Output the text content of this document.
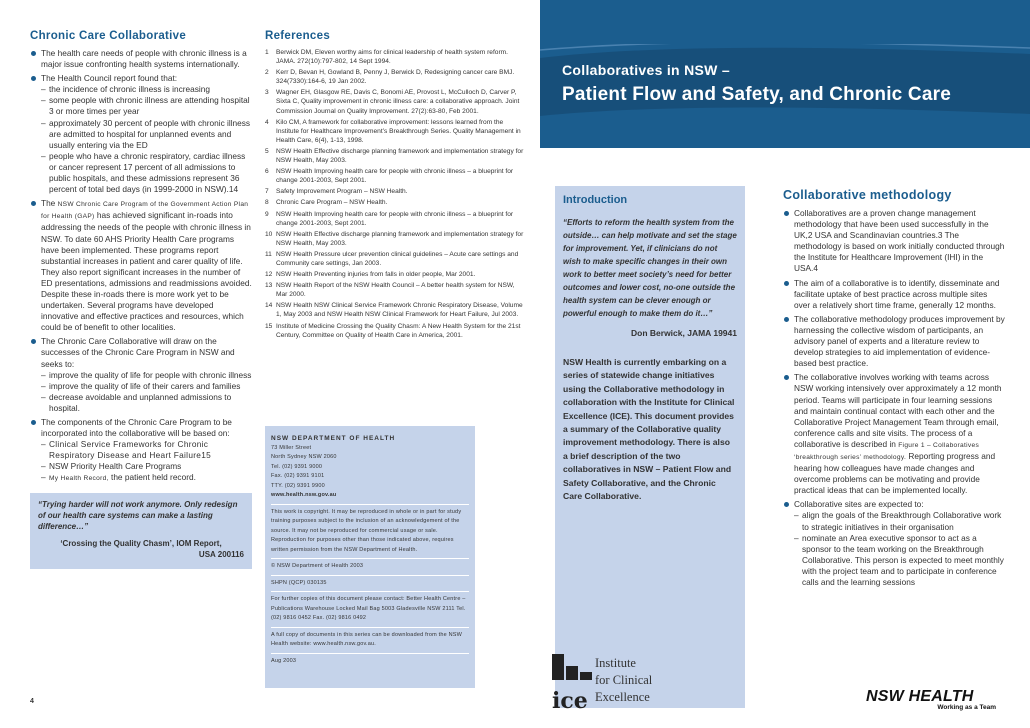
Chronic Care Collaborative
The health care needs of people with chronic illness is a major issue confronting health systems internationally.
The Health Council report found that:
– the incidence of chronic illness is increasing
– some people with chronic illness are attending hospital 3 or more times per year
– approximately 30 percent of people with chronic illness are admitted to hospital for unplanned events and usually entering via the ED
– people who have a chronic respiratory, cardiac illness or cancer represent 17 percent of all admissions to public hospitals, and these admissions represent 36 percent of total bed days (in 1999-2000 in NSW).14
The NSW Chronic Care Program of the Government Action Plan for Health (GAP) has achieved significant in-roads into addressing the needs of the people with chronic illness in NSW. To date 60 AHS Priority Health Care programs have been implemented. These programs report substantial increases in patient and carer quality of life. They also report significant increases in the number of ED presentations, admissions and readmissions avoided. Despite these in-roads there is more work yet to be undertaken. Several programs have developed innovative and effective practices and resources, which could be of benefit to other localities.
The Chronic Care Collaborative will draw on the successes of the Chronic Care Program in NSW and seeks to:
– improve the quality of life for people with chronic illness
– improve the quality of life of their carers and families
– decrease avoidable and unplanned admissions to hospital.
The components of the Chronic Care Program to be incorporated into the collaborative will be based on:
– Clinical Service Frameworks for Chronic Respiratory Disease and Heart Failure15
– NSW Priority Health Care Programs
– My Health Record, the patient held record.
“Trying harder will not work anymore. Only redesign of our health care systems can make a lasting difference…”
‘Crossing the Quality Chasm’, IOM Report,
USA 200116
References
1 Berwick DM, Eleven worthy aims for clinical leadership of health system reform. JAMA. 272(10):797-802, 14 Sept 1994.
2 Kerr D, Bevan H, Gowland B, Penny J, Berwick D, Redesigning cancer care BMJ. 324(7330):164-6, 19 Jan 2002.
3 Wagner EH, Glasgow RE, Davis C, Bonomi AE, Provost L, McCulloch D, Carver P, Sixta C, Quality improvement in chronic illness care: a collaborative approach. Joint Commission Journal on Quality Improvement. 27(2):63-80, Feb 2001.
4 Kilo CM, A framework for collaborative improvement: lessons learned from the Institute for Healthcare Improvement’s Breakthrough Series. Quality Management in Health Care, 6(4), 1-13, 1998.
5 NSW Health Effective discharge planning framework and implementation strategy for NSW Health, May 2003.
6 NSW Health Improving health care for people with chronic illness – a blueprint for change 2001-2003, Sept 2001.
7 Safety Improvement Program – NSW Health.
8 Chronic Care Program – NSW Health.
9 NSW Health Improving health care for people with chronic illness – a blueprint for change 2001-2003, Sept 2001.
10 NSW Health Effective discharge planning framework and implementation strategy for NSW Health, May 2003.
11 NSW Health Pressure ulcer prevention clinical guidelines – Acute care settings and Community care settings, Jan 2003.
12 NSW Health Preventing injuries from falls in older people, Mar 2001.
13 NSW Health Report of the NSW Health Council – A better health system for NSW, Mar 2000.
14 NSW Health NSW Clinical Service Framework Chronic Respiratory Disease, Volume 1, May 2003 and NSW Health NSW Clinical Framework for Heart Failure, Jul 2003.
15 Institute of Medicine Crossing the Quality Chasm: A New Health System for the 21st Century, Committee on Quality of Health Care in America, 2001.
NSW DEPARTMENT OF HEALTH
73 Miller Street
North Sydney NSW 2060
Tel. (02) 9391 9000
Fax. (02) 9391 9101
TTY. (02) 9391 9900
www.health.nsw.gov.au
This work is copyright. It may be reproduced in whole or in part for study training purposes subject to the inclusion of an acknowledgement of the source. It may not be reproduced for commercial usage or sale. Reproduction for purposes other than those indicated above, requires written permission from the NSW Department of Health.
© NSW Department of Health 2003
SHPN (QCP) 030135
For further copies of this document please contact: Better Health Centre – Publications Warehouse Locked Mail Bag 5003 Gladesville NSW 2111 Tel. (02) 9816 0452 Fax. (02) 9816 0492
A full copy of documents in this series can be downloaded from the NSW Health website: www.health.nsw.gov.au.
Aug 2003
Collaboratives in NSW –
Patient Flow and Safety, and Chronic Care
Introduction
“Efforts to reform the health system from the outside… can help motivate and set the stage for improvement. Yet, if clinicians do not wish to make specific changes in their own work to better meet society’s need for better outcomes and lower cost, no-one outside the health system can be clever enough or powerful enough to make them do it…”
Don Berwick, JAMA 19941
NSW Health is currently embarking on a series of statewide change initiatives using the Collaborative methodology in collaboration with the Institute for Clinical Excellence (ICE). This document provides a summary of the Collaborative quality improvement methodology. There is also a brief description of the two collaboratives in NSW – Patient Flow and Safety Collaborative, and the Chronic Care Collaborative.
Collaborative methodology
Collaboratives are a proven change management methodology that have been used successfully in the UK,2 USA and Scandinavian countries.3 The methodology is based on work initially conducted through the Institute for Healthcare Improvement (IHI) in the USA.4
The aim of a collaborative is to identify, disseminate and facilitate uptake of best practice across multiple sites over a relatively short time frame, generally 12 months.
The collaborative methodology produces improvement by harnessing the collective wisdom of participants, an advisory panel of experts and a literature review to develop strategies to aid implementation of evidence-based best practice.
The collaborative involves working with teams across NSW working intensively over approximately a 12 month period. Teams will participate in four learning sessions and maintain continual contact with each other and the Collaborative Project Management Team through email, conference calls and site visits. The process of a collaborative is described in Figure 1 – Collaboratives ‘breakthrough series’ methodology. Reporting progress and hearing how colleagues have made changes and overcome problems can be motivating and provide practical ideas that can be implemented locally.
Collaborative sites are expected to:
– align the goals of the Breakthrough Collaborative work to strategic initiatives in their organisation
– nominate an Area executive sponsor to act as a sponsor to the team working on the Breakthrough Collaborative. This person is expected to meet monthly with the project team and to participate in conference calls and the learning sessions
4	ice
Institute
for Clinical
Excellence	NSW HEALTH
Working as a Team
